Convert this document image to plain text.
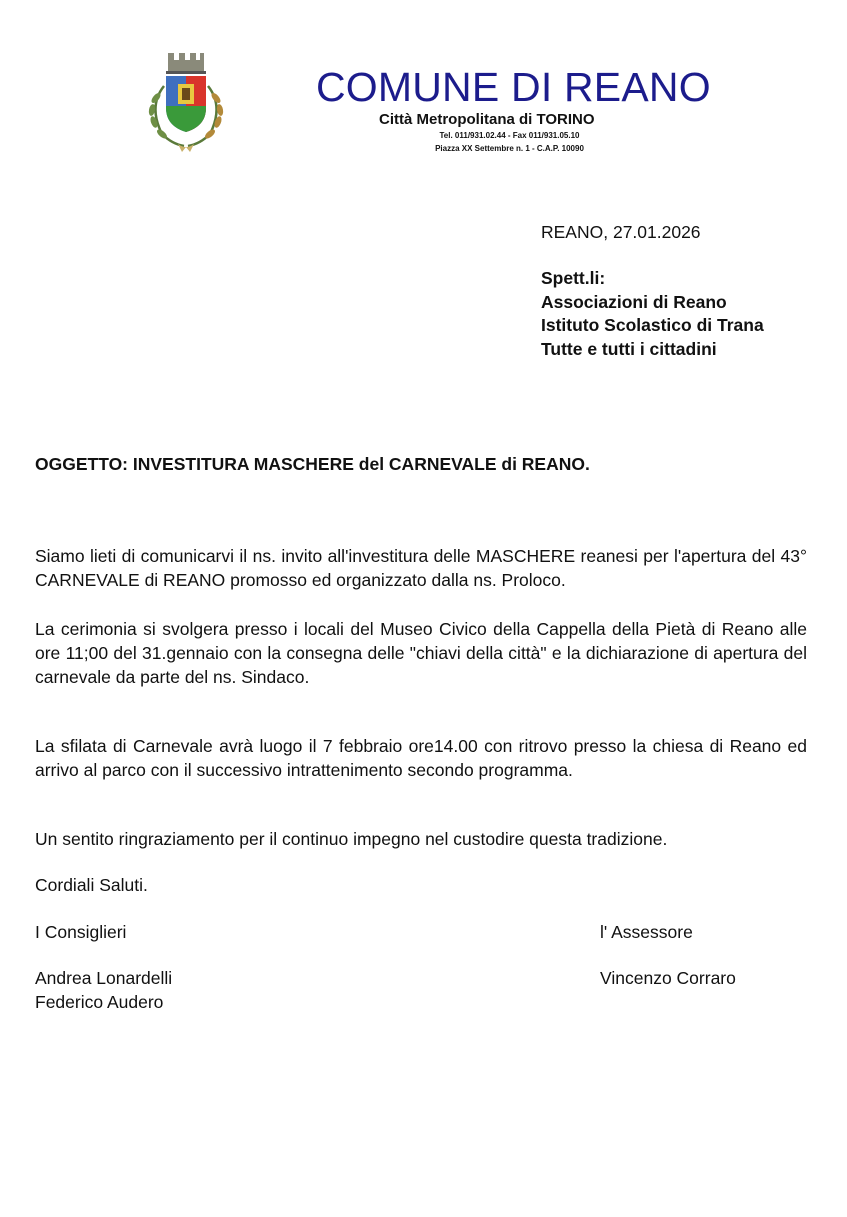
COMUNE DI REANO
Città Metropolitana di TORINO
Tel. 011/931.02.44 - Fax 011/931.05.10
Piazza XX Settembre n. 1 - C.A.P. 10090
REANO, 27.01.2026
Spett.li:
Associazioni di Reano
Istituto Scolastico di Trana
Tutte e tutti i cittadini
OGGETTO: INVESTITURA MASCHERE del CARNEVALE di REANO.
Siamo lieti di comunicarvi il ns. invito all'investitura delle MASCHERE reanesi per l'apertura del 43° CARNEVALE di REANO promosso ed organizzato dalla ns. Proloco.
La cerimonia si svolgera presso i locali del Museo Civico della Cappella della Pietà di Reano alle ore 11;00 del 31.gennaio con la consegna delle "chiavi della città" e la dichiarazione di apertura del carnevale da parte del ns. Sindaco.
La sfilata di Carnevale avrà luogo il 7 febbraio ore14.00 con ritrovo presso la chiesa di Reano ed arrivo al parco con il successivo intrattenimento secondo programma.
Un sentito ringraziamento per il continuo impegno nel custodire questa tradizione.
Cordiali Saluti.
I Consiglieri	l' Assessore
Andrea Lonardelli
Federico Audero
Vincenzo Corraro
